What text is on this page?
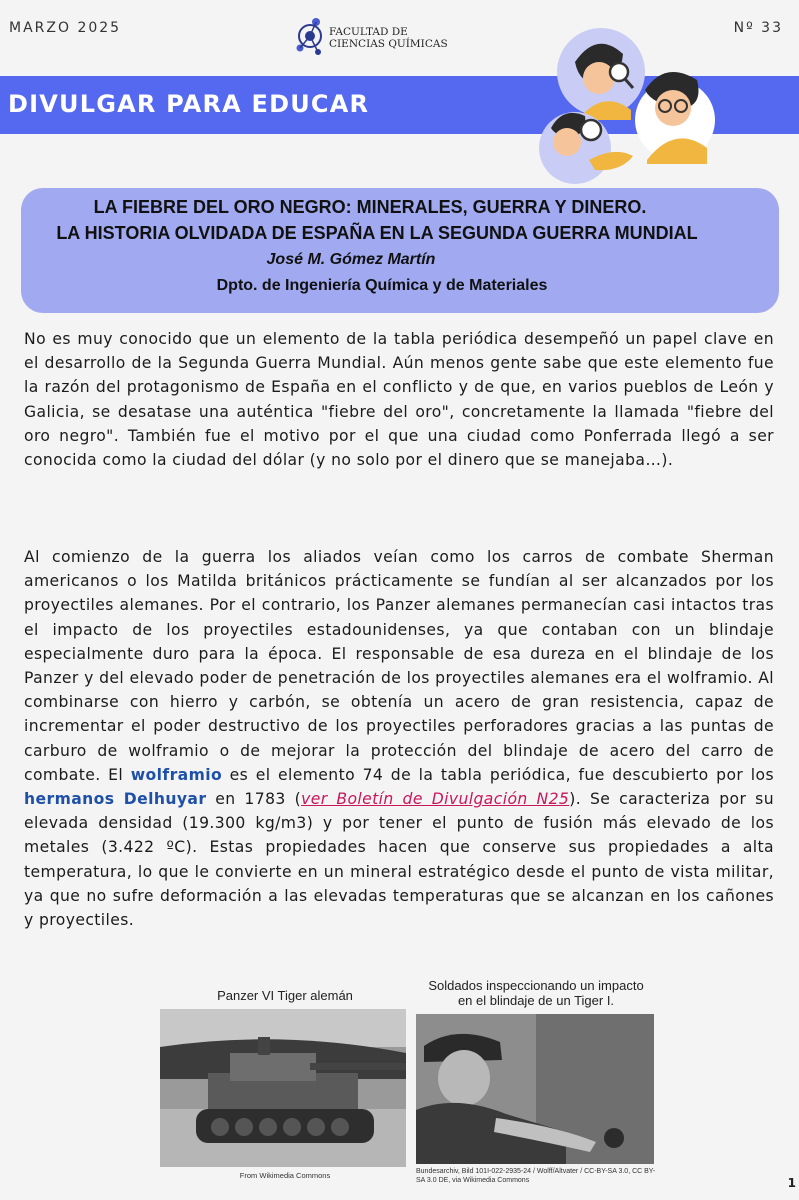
MARZO 2025	Nº 33
FACULTAD DE
CIENCIAS QUÍMICAS
DIVULGAR PARA EDUCAR
LA FIEBRE DEL ORO NEGRO: MINERALES, GUERRA Y DINERO.
LA HISTORIA OLVIDADA DE ESPAÑA EN LA SEGUNDA GUERRA MUNDIAL
José M. Gómez Martín
Dpto. de Ingeniería Química y de Materiales
No es muy conocido que un elemento de la tabla periódica desempeñó un papel clave en el desarrollo de la Segunda Guerra Mundial. Aún menos gente sabe que este elemento fue la razón del protagonismo de España en el conflicto y de que, en varios pueblos de León y Galicia, se desatase una auténtica "fiebre del oro", concretamente la llamada "fiebre del oro negro". También fue el motivo por el que una ciudad como Ponferrada llegó a ser conocida como la ciudad del dólar (y no solo por el dinero que se manejaba…).
Al comienzo de la guerra los aliados veían como los carros de combate Sherman americanos o los Matilda británicos prácticamente se fundían al ser alcanzados por los proyectiles alemanes. Por el contrario, los Panzer alemanes permanecían casi intactos tras el impacto de los proyectiles estadounidenses, ya que contaban con un blindaje especialmente duro para la época. El responsable de esa dureza en el blindaje de los Panzer y del elevado poder de penetración de los proyectiles alemanes era el wolframio. Al combinarse con hierro y carbón, se obtenía un acero de gran resistencia, capaz de incrementar el poder destructivo de los proyectiles perforadores gracias a las puntas de carburo de wolframio o de mejorar la protección del blindaje de acero del carro de combate. El wolframio es el elemento 74 de la tabla periódica, fue descubierto por los hermanos Delhuyar en 1783 (ver Boletín de Divulgación N25). Se caracteriza por su elevada densidad (19.300 kg/m3) y por tener el punto de fusión más elevado de los metales (3.422 ºC). Estas propiedades hacen que conserve sus propiedades a alta temperatura, lo que le convierte en un mineral estratégico desde el punto de vista militar, ya que no sufre deformación a las elevadas temperaturas que se alcanzan en los cañones y proyectiles.
Panzer VI Tiger alemán
From Wikimedia Commons
Soldados inspeccionando un impacto
en el blindaje de un Tiger I.
Bundesarchiv, Bild 101I-022-2935-24 / Wolff/Altvater / CC-BY-SA 3.0, CC BY-SA 3.0 DE, via Wikimedia Commons	1
